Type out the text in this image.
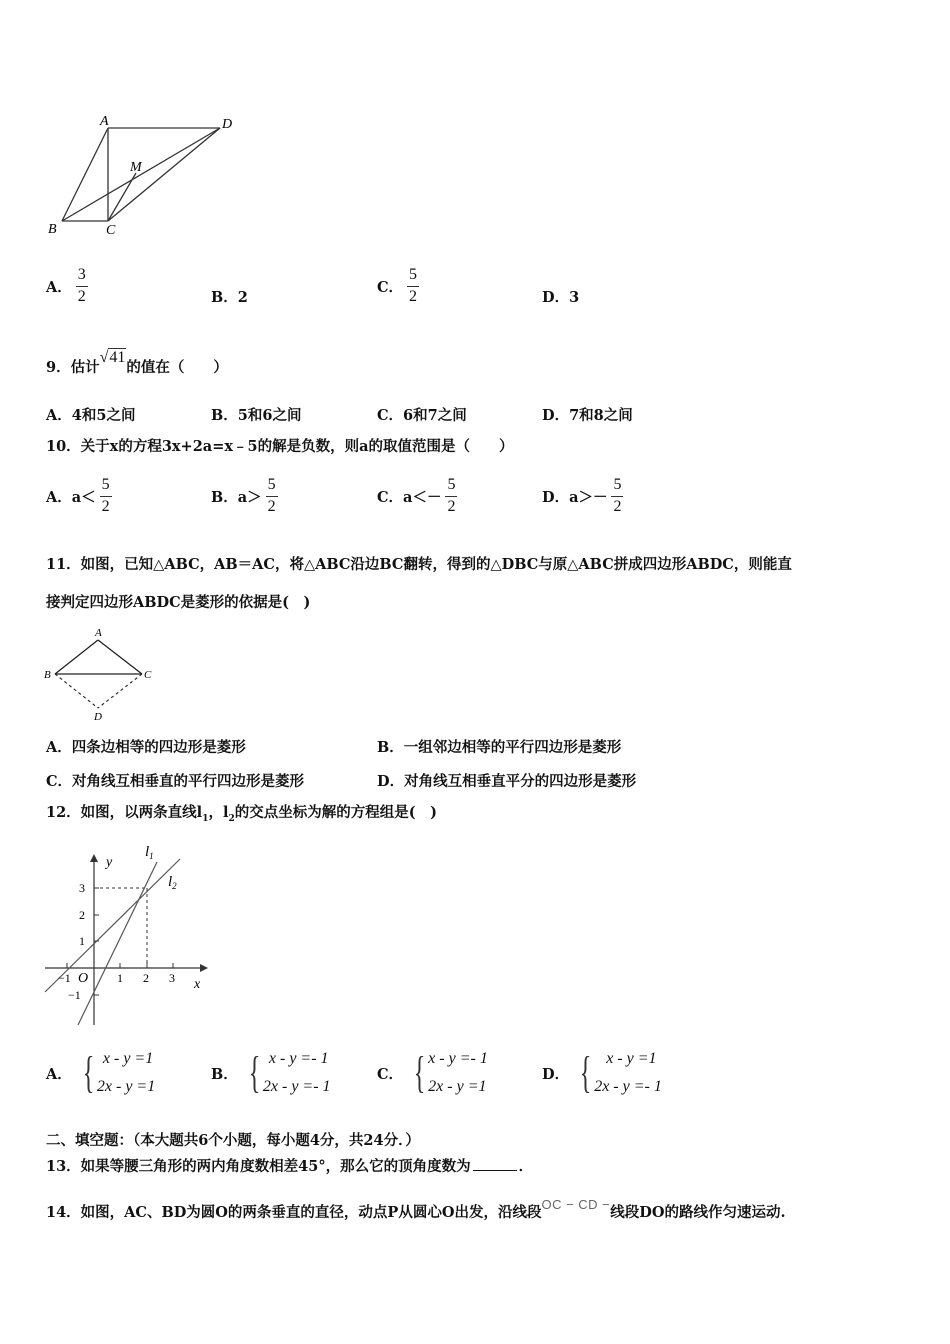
A	D
M
B	C
A． $\frac{3}{2}$	B．2
C． $\frac{5}{2}$	D．3
9．估计√41的值在（　　）
A．4和5之间	B．5和6之间	C．6和7之间	D．7和8之间
10．关于x的方程3x+2a=x﹣5的解是负数，则a的取值范围是（　　）
A． $a< \frac{5}{2}$	B． $a> \frac{5}{2}$	C． $a<- \frac{5}{2}$	D． $a>- \frac{5}{2}$
11．如图，已知△ABC，AB＝AC，将△ABC沿边BC翻转，得到的△DBC与原△ABC拼成四边形ABDC，则能直
接判定四边形ABDC是菱形的依据是(　)
A
B	C
D
A．四条边相等的四边形是菱形	B．一组邻边相等的平行四边形是菱形
C．对角线互相垂直的平行四边形是菱形	D．对角线互相垂直平分的四边形是菱形
12．如图，以两条直线$l_1$，$l_2$的交点坐标为解的方程组是(　)
y
x
O
$l_1$
$l_2$
3
2
1
−1
−1	1 2 3
A． { x - y =1
2x - y =1
B． { x - y =- 1
2x - y =- 1
C． { x - y =- 1
2x - y =1
D． { x - y =1
2x - y =- 1
二、填空题：（本大题共6个小题，每小题4分，共24分．）
13．如果等腰三角形的两内角度数相差45°，那么它的顶角度数为	．
14．如图，AC、BD为圆O的两条垂直的直径，动点P从圆心O出发，沿线段OC − CD −线段DO的路线作匀速运动.
